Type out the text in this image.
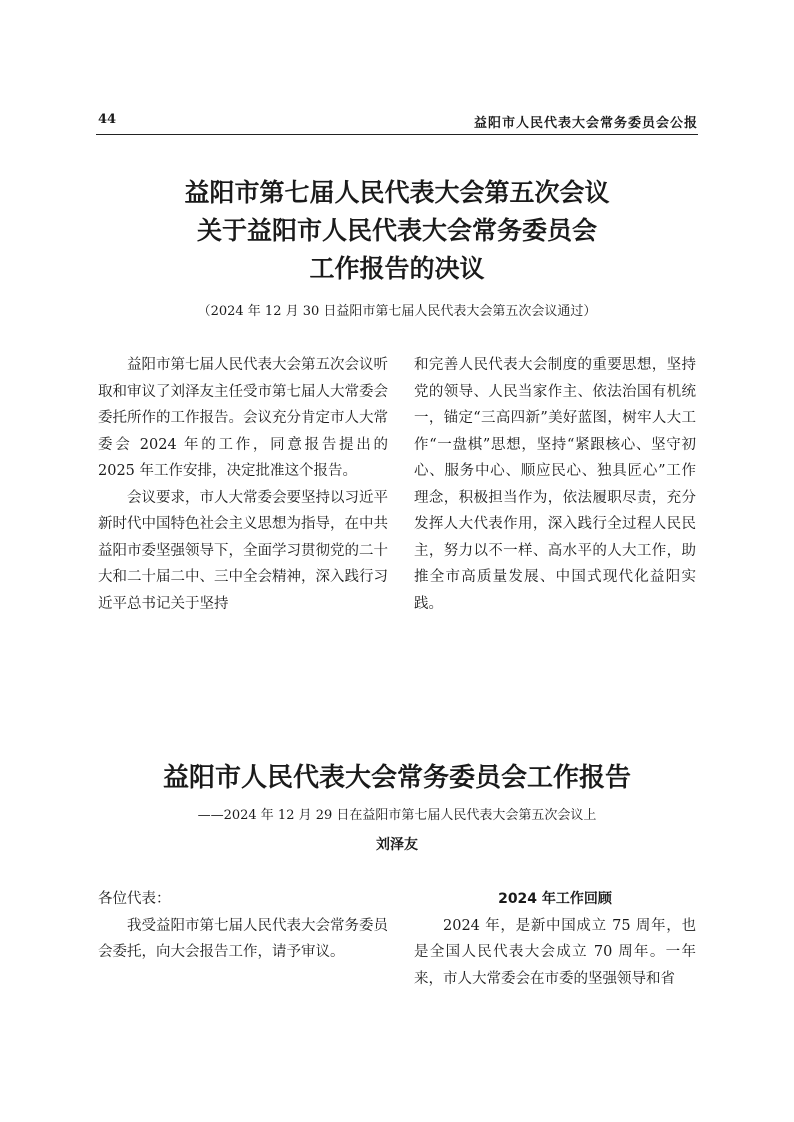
44	益阳市人民代表大会常务委员会公报
益阳市第七届人民代表大会第五次会议
关于益阳市人民代表大会常务委员会
工作报告的决议
（2024 年 12 月 30 日益阳市第七届人民代表大会第五次会议通过）

益阳市第七届人民代表大会第五次会议听取和审议了刘泽友主任受市第七届人大常委会委托所作的工作报告。会议充分肯定市人大常委会 2024 年的工作，同意报告提出的 2025 年工作安排，决定批准这个报告。

会议要求，市人大常委会要坚持以习近平新时代中国特色社会主义思想为指导，在中共益阳市委坚强领导下，全面学习贯彻党的二十大和二十届二中、三中全会精神，深入践行习近平总书记关于坚持

和完善人民代表大会制度的重要思想，坚持党的领导、人民当家作主、依法治国有机统一，锚定“三高四新”美好蓝图，树牢人大工作“一盘棋”思想，坚持“紧跟核心、坚守初心、服务中心、顺应民心、独具匠心”工作理念，积极担当作为，依法履职尽责，充分发挥人大代表作用，深入践行全过程人民民主，努力以不一样、高水平的人大工作，助推全市高质量发展、中国式现代化益阳实践。

益阳市人民代表大会常务委员会工作报告
——2024 年 12 月 29 日在益阳市第七届人民代表大会第五次会议上
刘泽友

各位代表：

我受益阳市第七届人民代表大会常务委员会委托，向大会报告工作，请予审议。

2024 年工作回顾

2024 年，是新中国成立 75 周年，也是全国人民代表大会成立 70 周年。一年来，市人大常委会在市委的坚强领导和省
